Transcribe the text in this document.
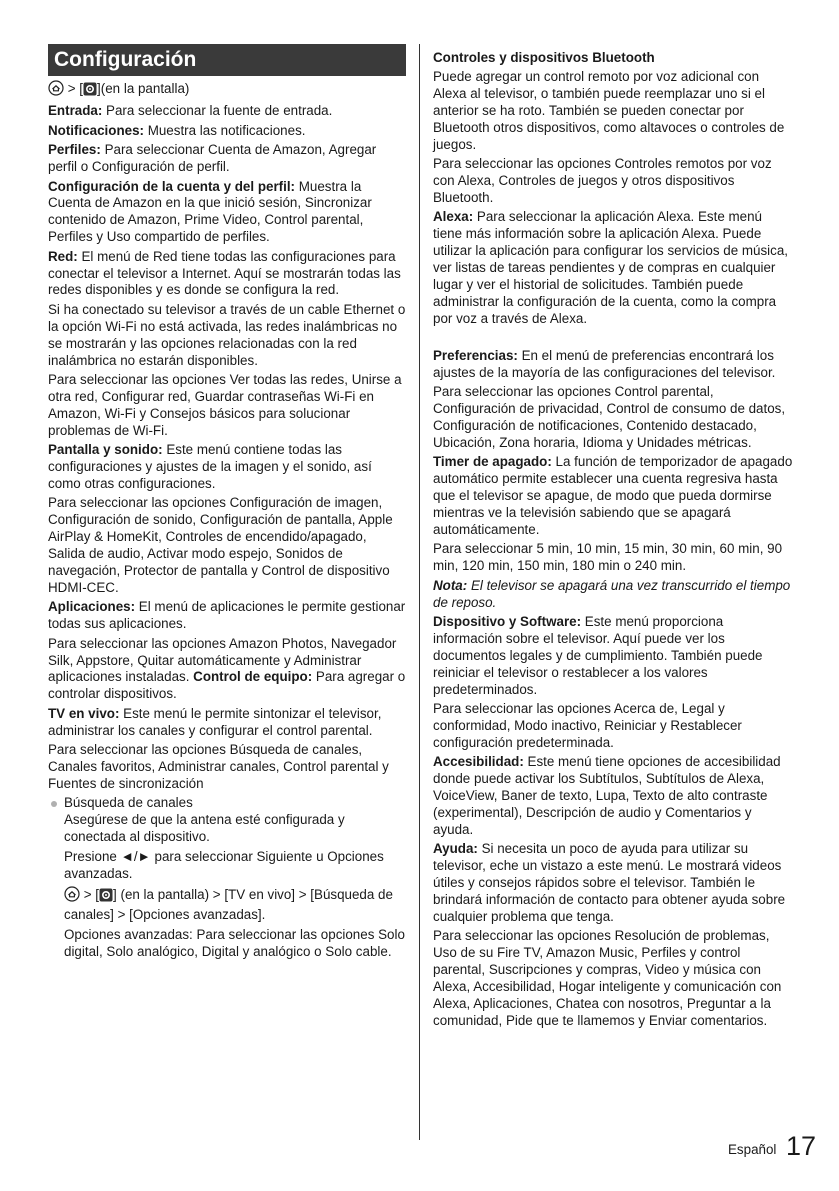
Configuración

> [ ](en la pantalla)

Entrada: Para seleccionar la fuente de entrada.

Notificaciones: Muestra las notificaciones.

Perfiles: Para seleccionar Cuenta de Amazon, Agregar perfil o Configuración de perfil.

Configuración de la cuenta y del perfil: Muestra la Cuenta de Amazon en la que inició sesión, Sincronizar contenido de Amazon, Prime Video, Control parental, Perfiles y Uso compartido de perfiles.

Red: El menú de Red tiene todas las configuraciones para conectar el televisor a Internet. Aquí se mostrarán todas las redes disponibles y es donde se configura la red.

Si ha conectado su televisor a través de un cable Ethernet o la opción Wi-Fi no está activada, las redes inalámbricas no se mostrarán y las opciones relacionadas con la red inalámbrica no estarán disponibles.

Para seleccionar las opciones Ver todas las redes, Unirse a otra red, Configurar red, Guardar contraseñas Wi-Fi en Amazon, Wi-Fi y Consejos básicos para solucionar problemas de Wi-Fi.

Pantalla y sonido: Este menú contiene todas las configuraciones y ajustes de la imagen y el sonido, así como otras configuraciones.

Para seleccionar las opciones Configuración de imagen, Configuración de sonido, Configuración de pantalla, Apple AirPlay & HomeKit, Controles de encendido/apagado, Salida de audio, Activar modo espejo, Sonidos de navegación, Protector de pantalla y Control de dispositivo HDMI-CEC.

Aplicaciones: El menú de aplicaciones le permite gestionar todas sus aplicaciones.

Para seleccionar las opciones Amazon Photos, Navegador Silk, Appstore, Quitar automáticamente y Administrar aplicaciones instaladas. Control de equipo: Para agregar o controlar dispositivos.

TV en vivo: Este menú le permite sintonizar el televisor, administrar los canales y configurar el control parental.

Para seleccionar las opciones Búsqueda de canales, Canales favoritos, Administrar canales, Control parental y Fuentes de sincronización

Búsqueda de canales

Asegúrese de que la antena esté configurada y conectada al dispositivo.

Presione ◄/► para seleccionar Siguiente u Opciones avanzadas.

> [ ] (en la pantalla) > [TV en vivo] > [Búsqueda de canales] > [Opciones avanzadas].

Opciones avanzadas: Para seleccionar las opciones Solo digital, Solo analógico, Digital y analógico o Solo cable.

Controles y dispositivos Bluetooth

Puede agregar un control remoto por voz adicional con Alexa al televisor, o también puede reemplazar uno si el anterior se ha roto. También se pueden conectar por Bluetooth otros dispositivos, como altavoces o controles de juegos.

Para seleccionar las opciones Controles remotos por voz con Alexa, Controles de juegos y otros dispositivos Bluetooth.

Alexa: Para seleccionar la aplicación Alexa. Este menú tiene más información sobre la aplicación Alexa. Puede utilizar la aplicación para configurar los servicios de música, ver listas de tareas pendientes y de compras en cualquier lugar y ver el historial de solicitudes. También puede administrar la configuración de la cuenta, como la compra por voz a través de Alexa.

Preferencias: En el menú de preferencias encontrará los ajustes de la mayoría de las configuraciones del televisor.

Para seleccionar las opciones Control parental, Configuración de privacidad, Control de consumo de datos, Configuración de notificaciones, Contenido destacado, Ubicación, Zona horaria, Idioma y Unidades métricas.

Timer de apagado: La función de temporizador de apagado automático permite establecer una cuenta regresiva hasta que el televisor se apague, de modo que pueda dormirse mientras ve la televisión sabiendo que se apagará automáticamente.

Para seleccionar 5 min, 10 min, 15 min, 30 min, 60 min, 90 min, 120 min, 150 min, 180 min o 240 min.

Nota: El televisor se apagará una vez transcurrido el tiempo de reposo.

Dispositivo y Software: Este menú proporciona información sobre el televisor. Aquí puede ver los documentos legales y de cumplimiento. También puede reiniciar el televisor o restablecer a los valores predeterminados.

Para seleccionar las opciones Acerca de, Legal y conformidad, Modo inactivo, Reiniciar y Restablecer configuración predeterminada.

Accesibilidad: Este menú tiene opciones de accesibilidad donde puede activar los Subtítulos, Subtítulos de Alexa, VoiceView, Baner de texto, Lupa, Texto de alto contraste (experimental), Descripción de audio y Comentarios y ayuda.

Ayuda: Si necesita un poco de ayuda para utilizar su televisor, eche un vistazo a este menú. Le mostrará videos útiles y consejos rápidos sobre el televisor. También le brindará información de contacto para obtener ayuda sobre cualquier problema que tenga.

Para seleccionar las opciones Resolución de problemas, Uso de su Fire TV, Amazon Music, Perfiles y control parental, Suscripciones y compras, Video y música con Alexa, Accesibilidad, Hogar inteligente y comunicación con Alexa, Aplicaciones, Chatea con nosotros, Preguntar a la comunidad, Pide que te llamemos y Enviar comentarios.

Español 17
